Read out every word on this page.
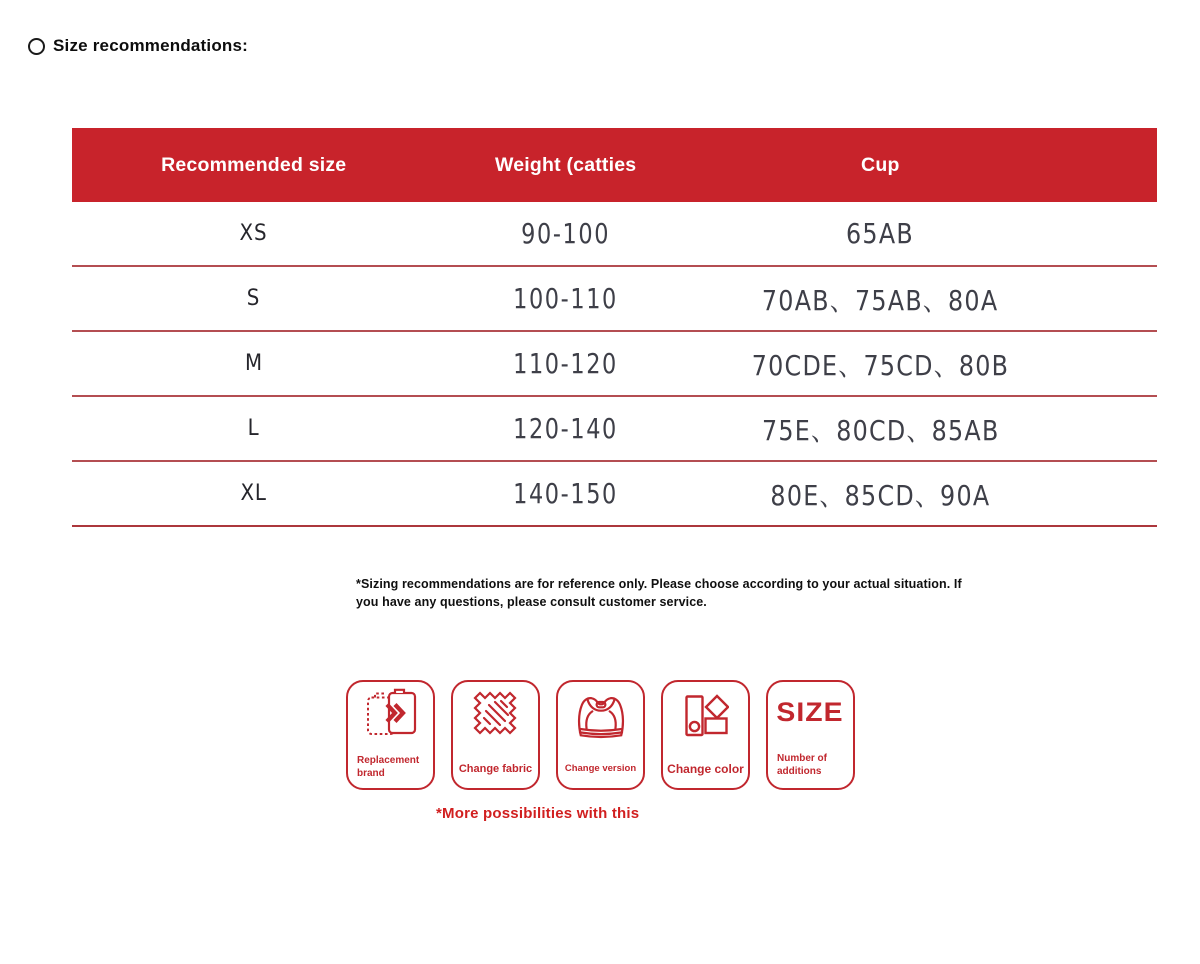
Size recommendations:
Recommended size	Weight (catties	Cup
XS	90-100	65AB
S	100-110	70AB、75AB、80A
M	110-120	70CDE、75CD、80B
L	120-140	75E、80CD、85AB
XL	140-150	80E、85CD、90A

*Sizing recommendations are for reference only. Please choose according to your actual situation. If you have any questions, please consult customer service.

Replacement brand	Change fabric	Change version	Change color
SIZE
Number of additions
*More possibilities with this
